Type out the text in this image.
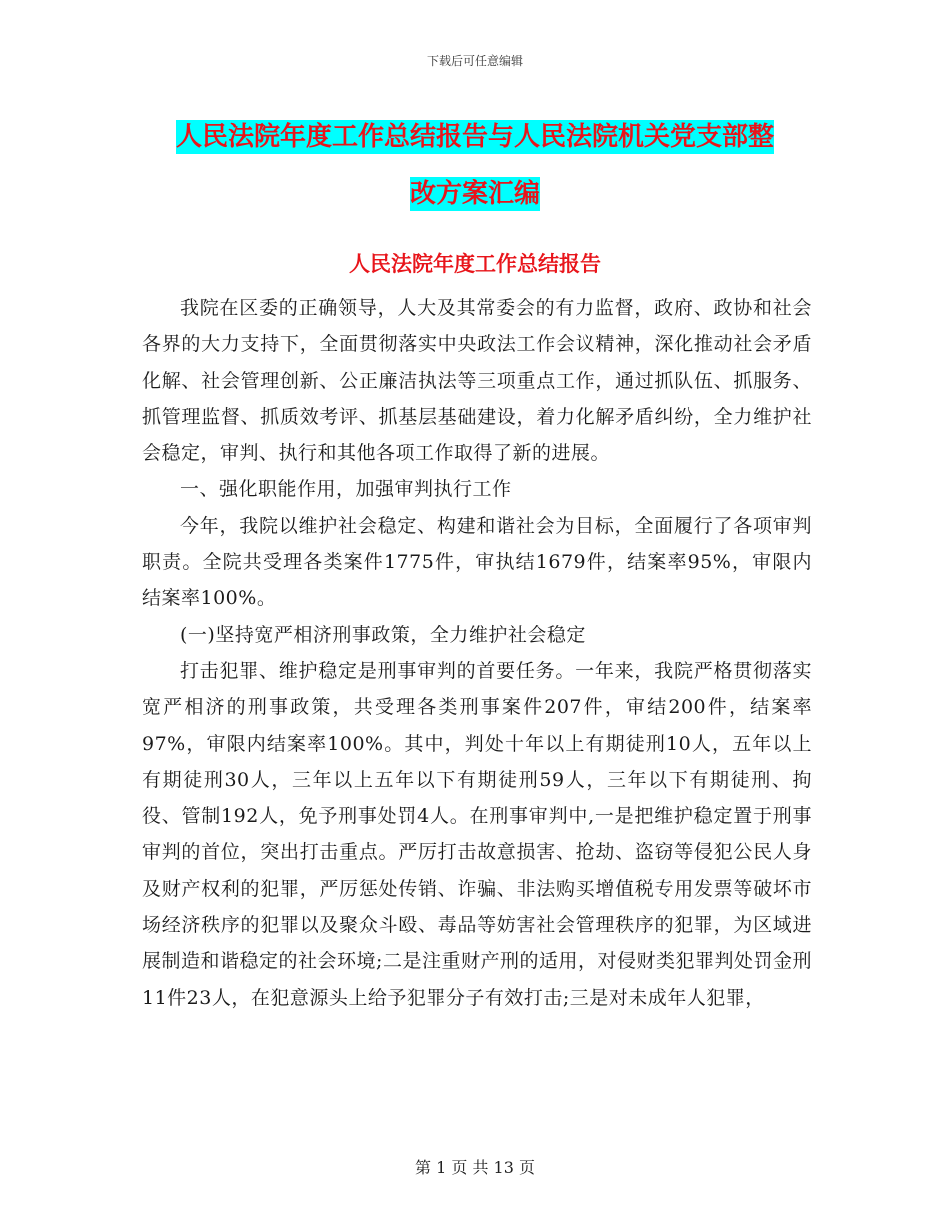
下载后可任意编辑
人民法院年度工作总结报告与人民法院机关党支部整
改方案汇编
人民法院年度工作总结报告

我院在区委的正确领导，人大及其常委会的有力监督，政府、政协和社会各界的大力支持下，全面贯彻落实中央政法工作会议精神，深化推动社会矛盾化解、社会管理创新、公正廉洁执法等三项重点工作，通过抓队伍、抓服务、抓管理监督、抓质效考评、抓基层基础建设，着力化解矛盾纠纷，全力维护社会稳定，审判、执行和其他各项工作取得了新的进展。

一、强化职能作用，加强审判执行工作

今年，我院以维护社会稳定、构建和谐社会为目标，全面履行了各项审判职责。全院共受理各类案件1775件，审执结1679件，结案率95%，审限内结案率100%。

(一)坚持宽严相济刑事政策，全力维护社会稳定

打击犯罪、维护稳定是刑事审判的首要任务。一年来，我院严格贯彻落实宽严相济的刑事政策，共受理各类刑事案件207件，审结200件，结案率97%，审限内结案率100%。其中，判处十年以上有期徒刑10人，五年以上有期徒刑30人，三年以上五年以下有期徒刑59人，三年以下有期徒刑、拘役、管制192人，免予刑事处罚4人。在刑事审判中,一是把维护稳定置于刑事审判的首位，突出打击重点。严厉打击故意损害、抢劫、盗窃等侵犯公民人身及财产权利的犯罪，严厉惩处传销、诈骗、非法购买增值税专用发票等破坏市场经济秩序的犯罪以及聚众斗殴、毒品等妨害社会管理秩序的犯罪，为区域进展制造和谐稳定的社会环境;二是注重财产刑的适用，对侵财类犯罪判处罚金刑11件23人，在犯意源头上给予犯罪分子有效打击;三是对未成年人犯罪，

第 1 页 共 13 页
